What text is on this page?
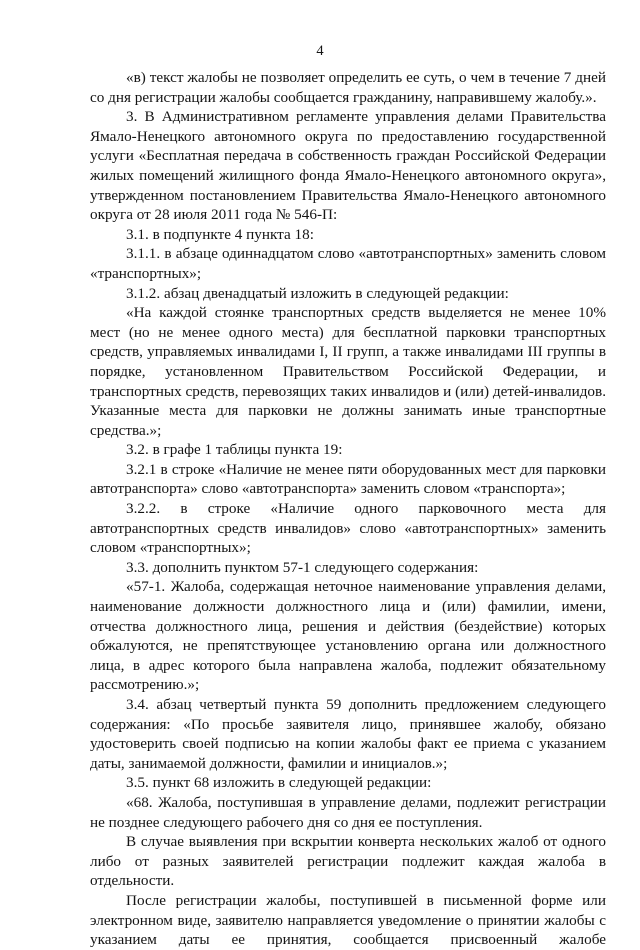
4

«в) текст жалобы не позволяет определить ее суть, о чем в течение 7 дней со дня регистрации жалобы сообщается гражданину, направившему жалобу.».

3. В Административном регламенте управления делами Правительства Ямало-Ненецкого автономного округа по предоставлению государственной услуги «Бесплатная передача в собственность граждан Российской Федерации жилых помещений жилищного фонда Ямало-Ненецкого автономного округа», утвержденном постановлением Правительства Ямало-Ненецкого автономного округа от 28 июля 2011 года № 546-П:

3.1. в подпункте 4 пункта 18:

3.1.1. в абзаце одиннадцатом слово «автотранспортных» заменить словом «транспортных»;

3.1.2. абзац двенадцатый изложить в следующей редакции:

«На каждой стоянке транспортных средств выделяется не менее 10% мест (но не менее одного места) для бесплатной парковки транспортных средств, управляемых инвалидами I, II групп, а также инвалидами III группы в порядке, установленном Правительством Российской Федерации, и транспортных средств, перевозящих таких инвалидов и (или) детей-инвалидов. Указанные места для парковки не должны занимать иные транспортные средства.»;

3.2. в графе 1 таблицы пункта 19:

3.2.1 в строке «Наличие не менее пяти оборудованных мест для парковки автотранспорта» слово «автотранспорта» заменить словом «транспорта»;

3.2.2. в строке «Наличие одного парковочного места для автотранспортных средств инвалидов» слово «автотранспортных» заменить словом «транспортных»;

3.3. дополнить пунктом 57-1 следующего содержания:

«57-1. Жалоба, содержащая неточное наименование управления делами, наименование должности должностного лица и (или) фамилии, имени, отчества должностного лица, решения и действия (бездействие) которых обжалуются, не препятствующее установлению органа или должностного лица, в адрес которого была направлена жалоба, подлежит обязательному рассмотрению.»;

3.4. абзац четвертый пункта 59 дополнить предложением следующего содержания: «По просьбе заявителя лицо, принявшее жалобу, обязано удостоверить своей подписью на копии жалобы факт ее приема с указанием даты, занимаемой должности, фамилии и инициалов.»;

3.5. пункт 68 изложить в следующей редакции:

«68. Жалоба, поступившая в управление делами, подлежит регистрации не позднее следующего рабочего дня со дня ее поступления.

В случае выявления при вскрытии конверта нескольких жалоб от одного либо от разных заявителей регистрации подлежит каждая жалоба в отдельности.

После регистрации жалобы, поступившей в письменной форме или электронном виде, заявителю направляется уведомление о принятии жалобы с указанием даты ее принятия, сообщается присвоенный жалобе
